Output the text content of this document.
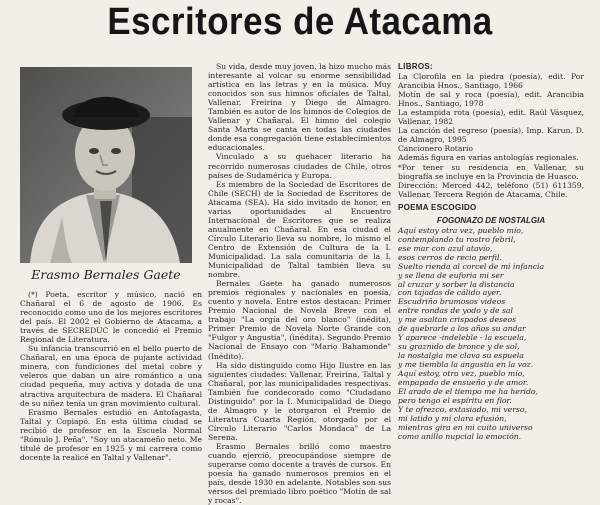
Escritores de Atacama
Erasmo Bernales Gaete

(*) Poeta, escritor y músico, nació en Chañaral el 6 de agosto de 1906. Es reconocido como uno de los mejores escritores del país. El 2002 el Gobierno de Atacama, a través de SECREDUC le concedió el Premio Regional de Literatura.

Su infancia transcurrió en el bello puerto de Chañaral, en una época de pujante actividad minera, con fundiciones del metal cobre y veleros que daban un aire romántico a una ciudad pequeña, muy activa y dotada de una atractiva arquitectura de madera. El Chañaral de su niñez tenía un gran movimiento cultural.

Erasmo Bernales estudió en Antofagasta, Taltal y Copiapó. En esta última ciudad se recibió de profesor en la Escuela Normal "Rómulo J. Peña". "Soy un atacameño neto. Me titulé de profesor en 1925 y mi carrera como docente la realicé en Taltal y Vallenar".

Su vida, desde muy joven, la hizo mucho más interesante al volcar su enorme sensibilidad artística en las letras y en la música. Muy conocidos son sus himnos oficiales de Taltal, Vallenar, Freirina y Diego de Almagro. También es autor de los himnos de Colegios de Vallenar y Chañaral. El himno del colegio Santa Marta se canta en todas las ciudades donde esa congregación tiene establecimientos educacionales.

Vinculado a su quehacer literario ha recorrido numerosas ciudades de Chile, otros países de Sudamérica y Europa.

Es miembro de la Sociedad de Escritores de Chile (SECH) de la Sociedad de Escritores de Atacama (SEA). Ha sido invitado de honor, en varias oportunidades al Encuentro Internacional de Escritores que se realiza anualmente en Chañaral. En esa ciudad el Círculo Literario lleva su nombre, lo mismo el Centro de Extensión de Cultura de la I. Municipalidad. La sala comunitaria de la I. Municipalidad de Taltal también lleva su nombre.

Bernales Gaete ha ganado numerosos premios regionales y nacionales en poesía, cuento y novela. Entre estos destacan: Primer Premio Nacional de Novela Breve con el trabajo "La orgía del oro blanco" (inédita), Primer Premio de Novela Norte Grande con "Fulgor y Angustia", (inédita). Segundo Premio Nacional de Ensayo con "Mario Bahamonde" (Inédito).

Ha sido distinguido como Hijo Ilustre en las siguientes ciudades: Vallenar, Freirina, Taltal y Chañaral, por las municipalidades respectivas. También fue condecorado como "Ciudadano Distinguido" por la I. Municipalidad de Diego de Almagro y le otorgaron el Premio de Literatura Cuarta Región, otorgado por el Círculo Literario "Carlos Mondaca" de La Serena.

Erasmo Bernales brilló como maestro cuando ejerció, preocupándose siempre de superarse como docente a través de cursos. En poesía ha ganado numerosos premios en el país, desde 1930 en adelante. Notables son sus versos del premiado libro poético "Motín de sal y rocas".

LIBROS:

La Clorofila en la piedra (poesía), edit. Por Arancibia Hnos., Santiago, 1966

Motín de sal y roca (poesía), edit. Arancibia Hnos., Santiago, 1978

La estampida rota (poesía), edit. Raúl Vásquez, Vallenar, 1982

La canción del regreso (poesía), Imp. Karun, D. de Almagro, 1995

Cancionero Rotario

Además figura en varias antologías regionales.

*Por tener su residencia en Vallenar, su biografía se incluye en la Provincia de Huasco.

Dirección: Merced 442, teléfono (51) 611359, Vallenar, Tercera Región de Atacama, Chile.

POEMA ESCOGIDO
FOGONAZO DE NOSTALGIA
Aquí estoy otra vez, pueblo mío,
contemplando tu rostro febril,
ese mar con azul atavío,
esos cerros de recio perfil.
Suelto rienda al corcel de mi infancia
y se llena de euforia mi ser
al cruzar y sorber la distancia
con tajadas de cálido ayer.
Escudriño brumosos videos
entre rondas de yodo y de sal
y me asaltan crispados deseos
de quebrarle a los años su andar
Y aparece -indeleble - la escuela,
su graznido de bronce y de sol,
la nostalgia me clava su espuela
y me tiembla la angustia en la voz.
Aquí estoy, otra vez, pueblo mío,
empapado de ensueño y de amor.
El arado de el tiempo me ha herido,
pero tengo el espíritu en flor.
Y te ofrezco, extasiado, mi verso,
mi latido y mi clara efusión,
mientras gira en mi cuito universo
como anillo nupcial la emoción.
